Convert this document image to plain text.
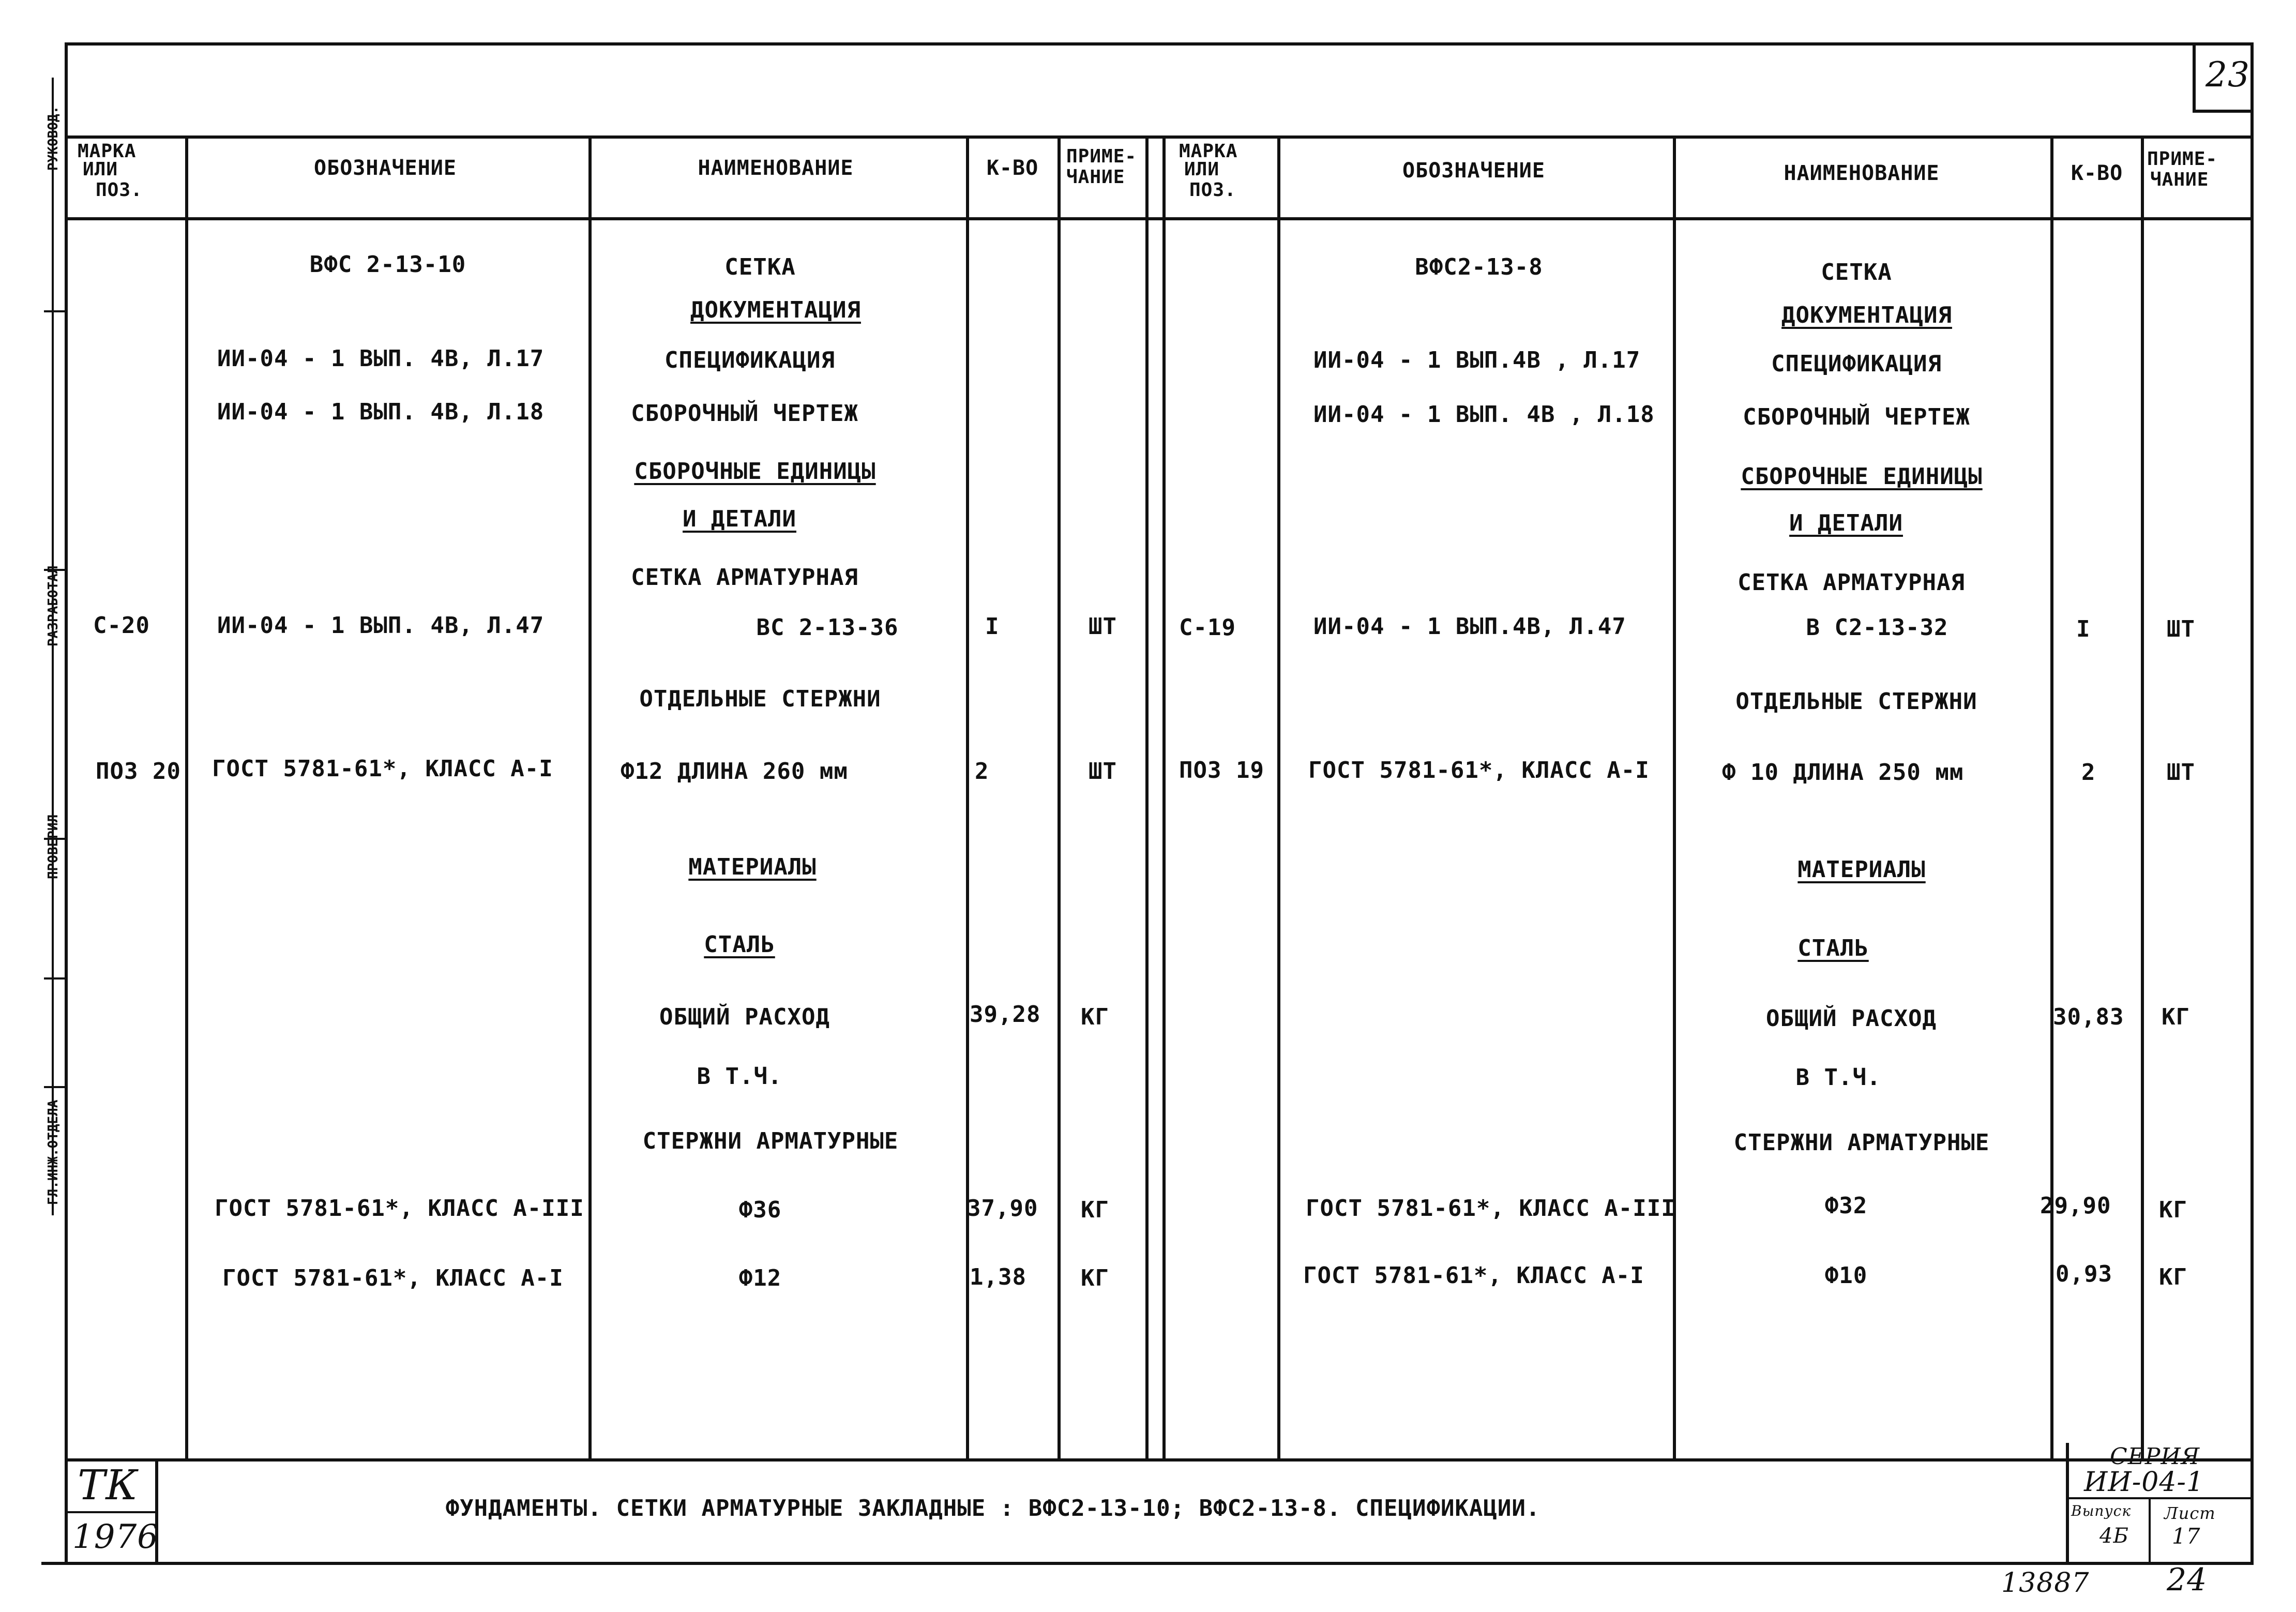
РУКОВОД.
РАЗРАБОТАЛ
ПРОВЕРИЛ
ГЛ.ИНЖ.ОТДЕЛА
23
МАРКА
ИЛИ
ПОЗ.
ОБОЗНАЧЕНИЕ	НАИМЕНОВАНИЕ	К-ВО ПРИМЕ-
ЧАНИЕ
МАРКА
ИЛИ
ПОЗ.
ОБОЗНАЧЕНИЕ	НАИМЕНОВАНИЕ	К-ВО
ПРИМЕ-
ЧАНИЕ
ВФС 2-13-10	СЕТКА
ДОКУМЕНТАЦИЯ
ИИ-04 - 1 ВЫП. 4В, Л.17	СПЕЦИФИКАЦИЯ
ИИ-04 - 1 ВЫП. 4В, Л.18	СБОРОЧНЫЙ ЧЕРТЕЖ
СБОРОЧНЫЕ ЕДИНИЦЫ
И ДЕТАЛИ
СЕТКА АРМАТУРНАЯ
С-20	ИИ-04 - 1 ВЫП. 4В, Л.47	ВС 2-13-36	I	ШТ
ОТДЕЛЬНЫЕ СТЕРЖНИ
ПОЗ 20 ГОСТ 5781-61*, КЛАСС А-I	Ф12 ДЛИНА 260 мм	2	ШТ
МАТЕРИАЛЫ
СТАЛЬ
ОБЩИЙ РАСХОД	39,28 КГ
В Т.Ч.
СТЕРЖНИ АРМАТУРНЫЕ
ГОСТ 5781-61*, КЛАСС А-III	Ф36	37,90 КГ
ГОСТ 5781-61*, КЛАСС А-I	Ф12	1,38 КГ
ВФС2-13-8	СЕТКА
ДОКУМЕНТАЦИЯ
ИИ-04 - 1 ВЫП.4В , Л.17	СПЕЦИФИКАЦИЯ
ИИ-04 - 1 ВЫП. 4В , Л.18	СБОРОЧНЫЙ ЧЕРТЕЖ
СБОРОЧНЫЕ ЕДИНИЦЫ
И ДЕТАЛИ
СЕТКА АРМАТУРНАЯ
С-19	ИИ-04 - 1 ВЫП.4В, Л.47	В С2-13-32	I	ШТ
ОТДЕЛЬНЫЕ СТЕРЖНИ
ПОЗ 19 ГОСТ 5781-61*, КЛАСС А-I	Ф 10 ДЛИНА 250 мм	2	ШТ
МАТЕРИАЛЫ
СТАЛЬ
ОБЩИЙ РАСХОД	30,83 КГ
В Т.Ч.
СТЕРЖНИ АРМАТУРНЫЕ
ГОСТ 5781-61*, КЛАСС А-III	Ф32	29,90 КГ
ГОСТ 5781-61*, КЛАСС А-I	Ф10	0,93 КГ
ТК
1976
ФУНДАМЕНТЫ. СЕТКИ АРМАТУРНЫЕ ЗАКЛАДНЫЕ : ВФС2-13-10; ВФС2-13-8. СПЕЦИФИКАЦИИ.
СЕРИЯ
ИИ-04-1
Выпуск
4Б
Лист
17
13887 24
